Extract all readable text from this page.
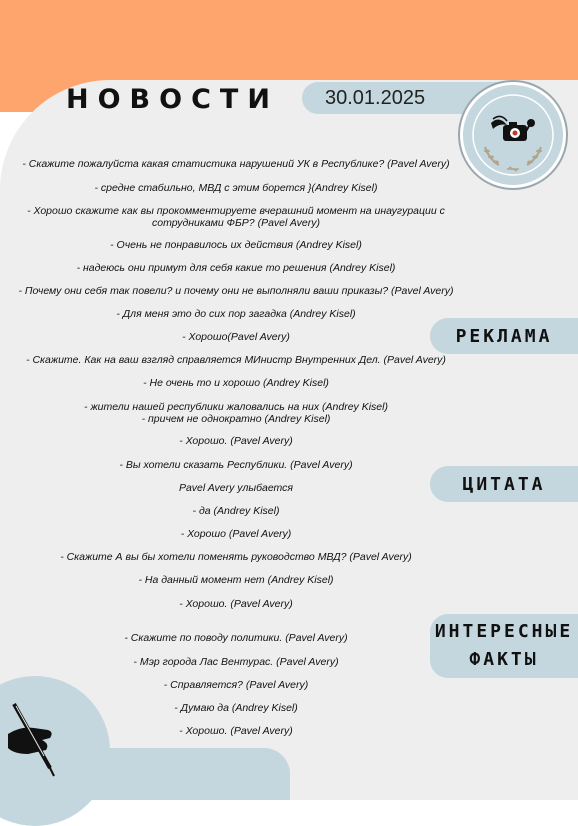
НОВОСТИ 30.01.2025
РЕКЛАМА
ЦИТАТА
ИНТЕРЕСНЫЕ
ФАКТЫ
- Скажите пожалуйста какая статистика нарушений УК в Республике? (Pavel Avery)
- средне стабильно, МВД с этим борется }(Andrey Kisel)
- Хорошо скажите как вы прокомментируете вчерашний момент на инаугурации с
сотрудниками ФБР? (Pavel Avery)
- Очень не понравилось их действия (Andrey Kisel)
- надеюсь они примут для себя какие то решения (Andrey Kisel)
- Почему они себя так повели? и почему они не выполняли ваши приказы? (Pavel Avery)
- Для меня это до сих пор загадка (Andrey Kisel)
- Хорошо(Pavel Avery)
- Скажите. Как на ваш взгляд справляется МИнистр Внутренних Дел. (Pavel Avery)
- Не очень то и хорошо (Andrey Kisel)
- жители нашей республики жаловались на них (Andrey Kisel)
- причем не однократно (Andrey Kisel)
- Хорошо. (Pavel Avery)
- Вы хотели сказать Республики. (Pavel Avery)
Pavel Avery улыбается
- да (Andrey Kisel)
- Хорошо (Pavel Avery)
- Скажите А вы бы хотели поменять руководство МВД? (Pavel Avery)
- На данный момент нет (Andrey Kisel)
- Хорошо. (Pavel Avery)
- Скажите по поводу политики. (Pavel Avery)
- Мэр города Лас Вентурас. (Pavel Avery)
- Справляется? (Pavel Avery)
- Думаю да (Andrey Kisel)
- Хорошо. (Pavel Avery)
